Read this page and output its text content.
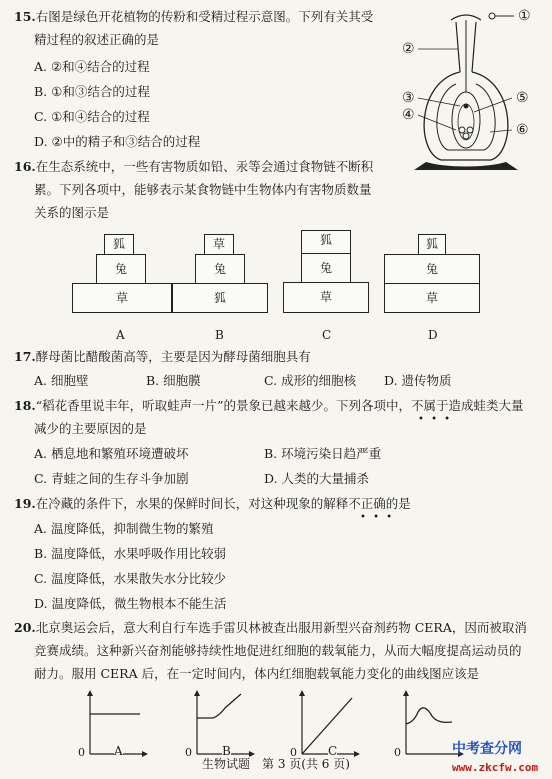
15.右图是绿色开花植物的传粉和受精过程示意图。下列有关其受
精过程的叙述正确的是
A. ②和④结合的过程
B. ①和③结合的过程
C. ①和④结合的过程
D. ②中的精子和③结合的过程
①
②
③
④
⑤
⑥
16.在生态系统中，一些有害物质如铅、汞等会通过食物链不断积
累。下列各项中，能够表示某食物链中生物体内有害物质数量
关系的图示是
狐
兔
草
A
草
兔
狐
B
狐
兔
草
C
狐
兔
草
D
17.酵母菌比醋酸菌高等，主要是因为酵母菌细胞具有
A. 细胞壁	B. 细胞膜	C. 成形的细胞核 D. 遗传物质
18.“稻花香里说丰年，听取蛙声一片”的景象已越来越少。下列各项中，不属于造成蛙类大量
• • •
减少的主要原因的是
A. 栖息地和繁殖环境遭破坏	B. 环境污染日趋严重
C. 青蛙之间的生存斗争加剧	D. 人类的大量捕杀
19.在冷藏的条件下，水果的保鲜时间长，对这种现象的解释不正确的是
• • •
A. 温度降低，抑制微生物的繁殖
B. 温度降低，水果呼吸作用比较弱
C. 温度降低，水果散失水分比较少
D. 温度降低，微生物根本不能生活
20.北京奥运会后，意大利自行车选手雷贝林被查出服用新型兴奋剂药物 CERA，因而被取消
竞赛成绩。这种新兴奋剂能够持续性地促进红细胞的载氧能力，从而大幅度提高运动员的
耐力。服用 CERA 后，在一定时间内，体内红细胞载氧能力变化的曲线图应该是
0 A	0	B	0	C	0
生物试题　第 3 页(共 6 页)
中考查分网
www.zkcfw.com
